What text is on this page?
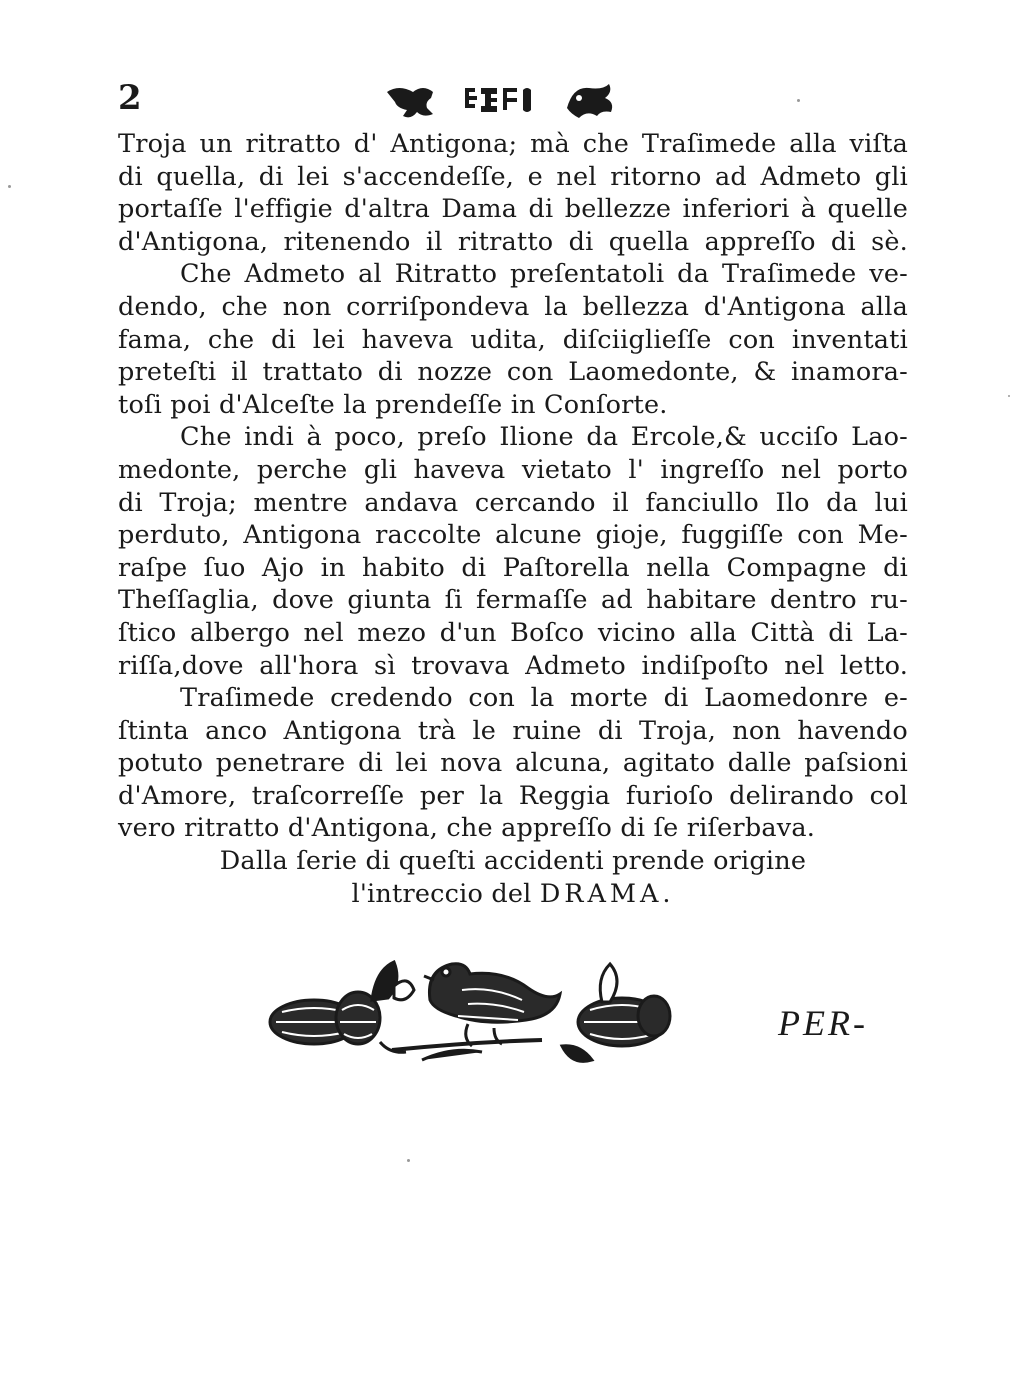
2
Troja un ritratto d' Antigona; mà che Traſimede alla viſta
di quella, di lei s'accendeſſe, e nel ritorno ad Admeto gli
portaſſe l'effigie d'altra Dama di bellezze inferiori à quelle
d'Antigona, ritenendo il ritratto di quella appreſſo di sè.
Che Admeto al Ritratto preſentatoli da Traſimede ve-
dendo, che non corriſpondeva la bellezza d'Antigona alla
fama, che di lei haveva udita, diſciiglieſſe con inventati
preteſti il trattato di nozze con Laomedonte, & inamora-
toſi poi d'Alceſte la prendeſſe in Conſorte.
Che indi à poco, preſo Ilione da Ercole,& ucciſo Lao-
medonte, perche gli haveva vietato l' ingreſſo nel porto
di Troja; mentre andava cercando il fanciullo Ilo da lui
perduto, Antigona raccolte alcune gioje, fuggiſſe con Me-
raſpe ſuo Ajo in habito di Paſtorella nella Compagne di
Theſſaglia, dove giunta ſi fermaſſe ad habitare dentro ru-
ſtico albergo nel mezo d'un Boſco vicino alla Città di La-
riſſa,dove all'hora sì trovava Admeto indiſpoſto nel letto.
Traſimede credendo con la morte di Laomedonre e-
ſtinta anco Antigona trà le ruine di Troja, non havendo
potuto penetrare di lei nova alcuna, agitato dalle paſsioni
d'Amore, traſcorreſſe per la Reggia furioſo delirando col
vero ritratto d'Antigona, che appreſſo di ſe riſerbava.
Dalla ſerie di queſti accidenti prende origine
l'intreccio del DRAMA.
PER-
